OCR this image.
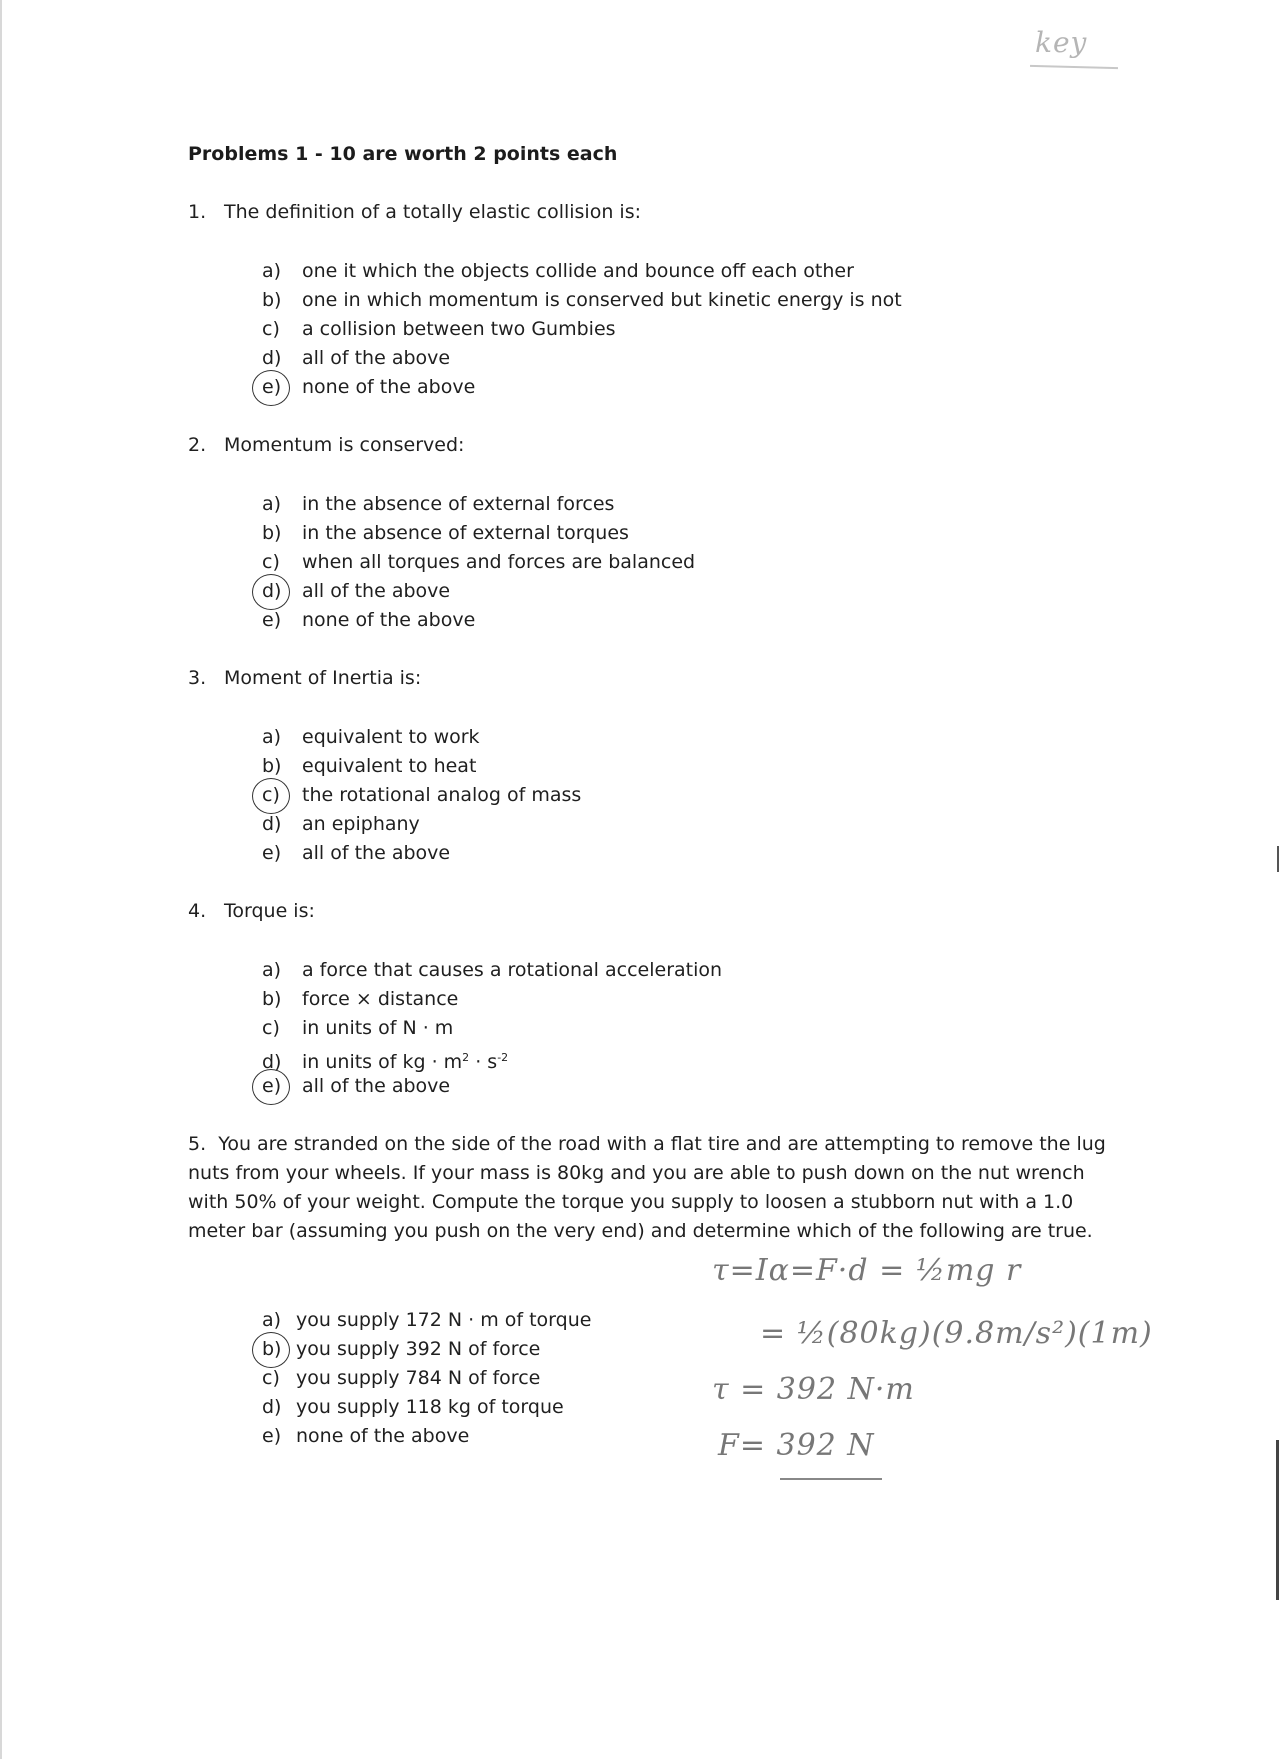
key
Problems 1 - 10 are worth 2 points each
1. The definition of a totally elastic collision is:
a) one it which the objects collide and bounce off each other
b) one in which momentum is conserved but kinetic energy is not
c) a collision between two Gumbies
d) all of the above
e) none of the above
2. Momentum is conserved:
a) in the absence of external forces
b) in the absence of external torques
c) when all torques and forces are balanced
d) all of the above
e) none of the above
3. Moment of Inertia is:
a) equivalent to work
b) equivalent to heat
c) the rotational analog of mass
d) an epiphany
e) all of the above
4. Torque is:
a) a force that causes a rotational acceleration
b) force × distance
c) in units of N · m
d) in units of kg · $m^2 \cdot s^{-2}$
e) all of the above
5. You are stranded on the side of the road with a flat tire and are attempting to remove the lug nuts from your wheels. If your mass is 80kg and you are able to push down on the nut wrench with 50% of your weight. Compute the torque you supply to loosen a stubborn nut with a 1.0 meter bar (assuming you push on the very end) and determine which of the following are true.
a) you supply 172 N · m of torque
b) you supply 392 N of force
c) you supply 784 N of force
d) you supply 118 kg of torque
e) none of the above
τ=Iα=F·d = ½mg r
= ½(80kg)(9.8m/s²)(1m)
τ = 392 N·m
F= 392 N
